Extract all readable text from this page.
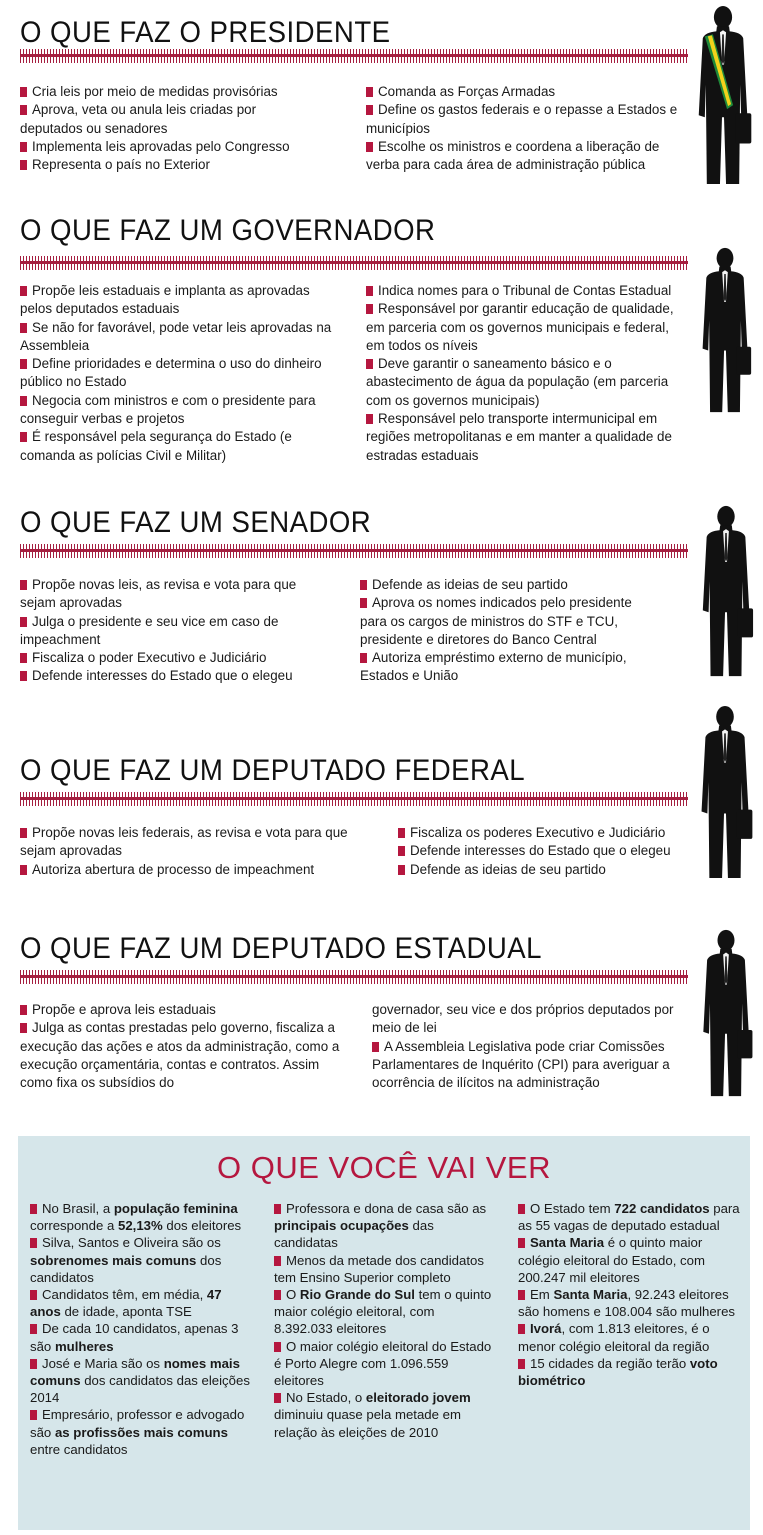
O QUE FAZ O PRESIDENTE

Cria leis por meio de medidas provisórias

Aprova, veta ou anula leis criadas por deputados ou senadores

Implementa leis aprovadas pelo Congresso

Representa o país no Exterior

Comanda as Forças Armadas

Define os gastos federais e o repasse a Estados e municípios

Escolhe os ministros e coordena a liberação de verba para cada área de administração pública

O QUE FAZ UM GOVERNADOR

Propõe leis estaduais e implanta as aprovadas pelos deputados estaduais

Se não for favorável, pode vetar leis aprovadas na Assembleia

Define prioridades e determina o uso do dinheiro público no Estado

Negocia com ministros e com o presidente para conseguir verbas e projetos

É responsável pela segurança do Estado (e comanda as polícias Civil e Militar)

Indica nomes para o Tribunal de Contas Estadual

Responsável por garantir educação de qualidade, em parceria com os governos municipais e federal, em todos os níveis

Deve garantir o saneamento básico e o abastecimento de água da população (em parceria com os governos municipais)

Responsável pelo transporte intermunicipal em regiões metropolitanas e em manter a qualidade de estradas estaduais

O QUE FAZ UM SENADOR

Propõe novas leis, as revisa e vota para que sejam aprovadas

Julga o presidente e seu vice em caso de impeachment

Fiscaliza o poder Executivo e Judiciário

Defende interesses do Estado que o elegeu

Defende as ideias de seu partido

Aprova os nomes indicados pelo presidente para os cargos de ministros do STF e TCU, presidente e diretores do Banco Central

Autoriza empréstimo externo de município, Estados e União

O QUE FAZ UM DEPUTADO FEDERAL

Propõe novas leis federais, as revisa e vota para que sejam aprovadas

Autoriza abertura de processo de impeachment

Fiscaliza os poderes Executivo e Judiciário

Defende interesses do Estado que o elegeu

Defende as ideias de seu partido

O QUE FAZ UM DEPUTADO ESTADUAL

Propõe e aprova leis estaduais

Julga as contas prestadas pelo governo, fiscaliza a execução das ações e atos da administração, como a execução orçamentária, contas e contratos. Assim como fixa os subsídios do

governador, seu vice e dos próprios deputados por meio de lei

A Assembleia Legislativa pode criar Comissões Parlamentares de Inquérito (CPI) para averiguar a ocorrência de ilícitos na administração

O QUE VOCÊ VAI VER

No Brasil, a população feminina corresponde a 52,13% dos eleitores

Silva, Santos e Oliveira são os sobrenomes mais comuns dos candidatos

Candidatos têm, em média, 47 anos de idade, aponta TSE

De cada 10 candidatos, apenas 3 são mulheres

José e Maria são os nomes mais comuns dos candidatos das eleições 2014

Empresário, professor e advogado são as profissões mais comuns entre candidatos

Professora e dona de casa são as principais ocupações das candidatas

Menos da metade dos candidatos tem Ensino Superior completo

O Rio Grande do Sul tem o quinto maior colégio eleitoral, com 8.392.033 eleitores

O maior colégio eleitoral do Estado é Porto Alegre com 1.096.559 eleitores

No Estado, o eleitorado jovem diminuiu quase pela metade em relação às eleições de 2010

O Estado tem 722 candidatos para as 55 vagas de deputado estadual

Santa Maria é o quinto maior colégio eleitoral do Estado, com 200.247 mil eleitores

Em Santa Maria, 92.243 eleitores são homens e 108.004 são mulheres

Ivorá, com 1.813 eleitores, é o menor colégio eleitoral da região

15 cidades da região terão voto biométrico
